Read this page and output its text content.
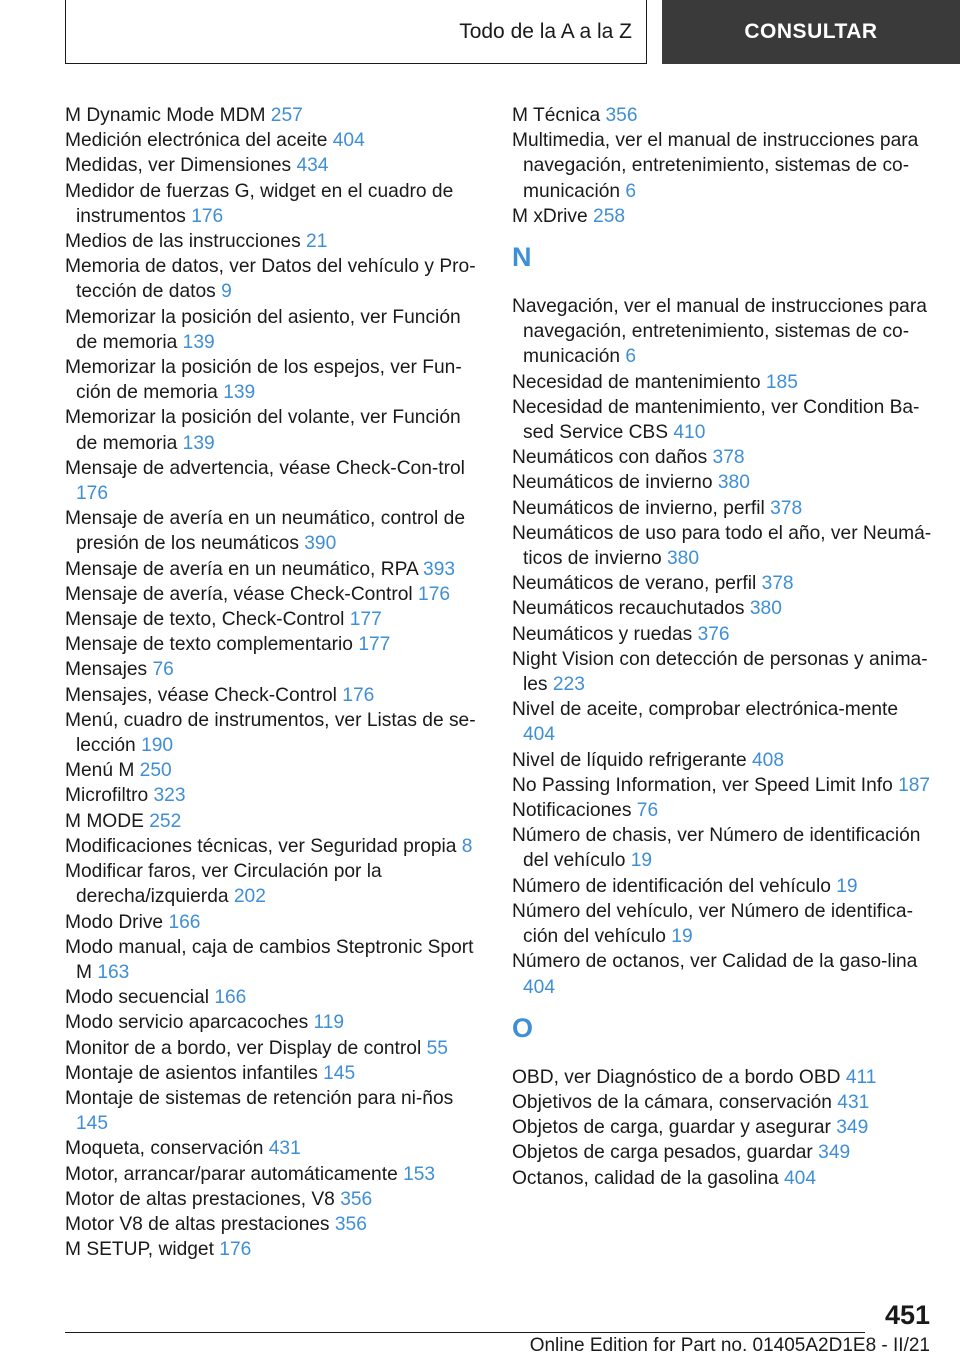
Todo de la A a la Z	CONSULTAR
M Dynamic Mode MDM 257
Medición electrónica del aceite 404
Medidas, ver Dimensiones 434
Medidor de fuerzas G, widget en el cuadro de instrumentos 176
Medios de las instrucciones 21
Memoria de datos, ver Datos del vehículo y Pro-tección de datos 9
Memorizar la posición del asiento, ver Función de memoria 139
Memorizar la posición de los espejos, ver Fun-ción de memoria 139
Memorizar la posición del volante, ver Función de memoria 139
Mensaje de advertencia, véase Check-Con-trol 176
Mensaje de avería en un neumático, control de presión de los neumáticos 390
Mensaje de avería en un neumático, RPA 393
Mensaje de avería, véase Check-Control 176
Mensaje de texto, Check-Control 177
Mensaje de texto complementario 177
Mensajes 76
Mensajes, véase Check-Control 176
Menú, cuadro de instrumentos, ver Listas de se-lección 190
Menú M 250
Microfiltro 323
M MODE 252
Modificaciones técnicas, ver Seguridad propia 8
Modificar faros, ver Circulación por la derecha/izquierda 202
Modo Drive 166
Modo manual, caja de cambios Steptronic Sport M 163
Modo secuencial 166
Modo servicio aparcacoches 119
Monitor de a bordo, ver Display de control 55
Montaje de asientos infantiles 145
Montaje de sistemas de retención para ni-ños 145
Moqueta, conservación 431
Motor, arrancar/parar automáticamente 153
Motor de altas prestaciones, V8 356
Motor V8 de altas prestaciones 356
M SETUP, widget 176
M Técnica 356
Multimedia, ver el manual de instrucciones para navegación, entretenimiento, sistemas de co-municación 6
M xDrive 258
N
Navegación, ver el manual de instrucciones para navegación, entretenimiento, sistemas de co-municación 6
Necesidad de mantenimiento 185
Necesidad de mantenimiento, ver Condition Ba-sed Service CBS 410
Neumáticos con daños 378
Neumáticos de invierno 380
Neumáticos de invierno, perfil 378
Neumáticos de uso para todo el año, ver Neumá-ticos de invierno 380
Neumáticos de verano, perfil 378
Neumáticos recauchutados 380
Neumáticos y ruedas 376
Night Vision con detección de personas y anima-les 223
Nivel de aceite, comprobar electrónica-mente 404
Nivel de líquido refrigerante 408
No Passing Information, ver Speed Limit Info 187
Notificaciones 76
Número de chasis, ver Número de identificación del vehículo 19
Número de identificación del vehículo 19
Número del vehículo, ver Número de identifica-ción del vehículo 19
Número de octanos, ver Calidad de la gaso-lina 404
O
OBD, ver Diagnóstico de a bordo OBD 411
Objetivos de la cámara, conservación 431
Objetos de carga, guardar y asegurar 349
Objetos de carga pesados, guardar 349
Octanos, calidad de la gasolina 404
451
Online Edition for Part no. 01405A2D1E8 - II/21
